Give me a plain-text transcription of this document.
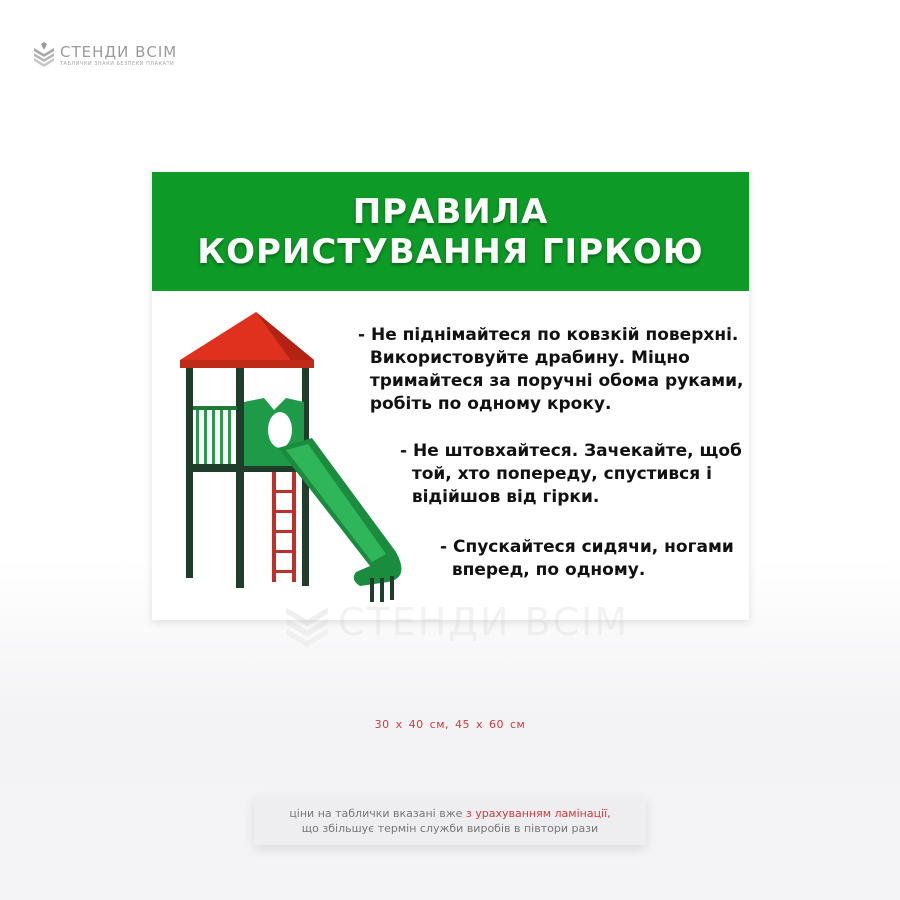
СТЕНДИ ВСІМ
ТАБЛИЧКИ ЗНАКИ БЕЗПЕКИ ПЛАКАТИ
ПРАВИЛА
КОРИСТУВАННЯ ГІРКОЮ
- Не піднімайтеся по ковзкій поверхні.
Використовуйте драбину. Міцно
тримайтеся за поручні обома руками,
робіть по одному кроку.
- Не штовхайтеся. Зачекайте, щоб
той, хто попереду, спустився і
відійшов від гірки.
- Спускайтеся сидячи, ногами
вперед, по одному.
СТЕНДИ ВСІМ
30 x 40 см, 45 x 60 см
ціни на таблички вказані вже з урахуванням ламінації,
що збільшує термін служби виробів в півтори рази
